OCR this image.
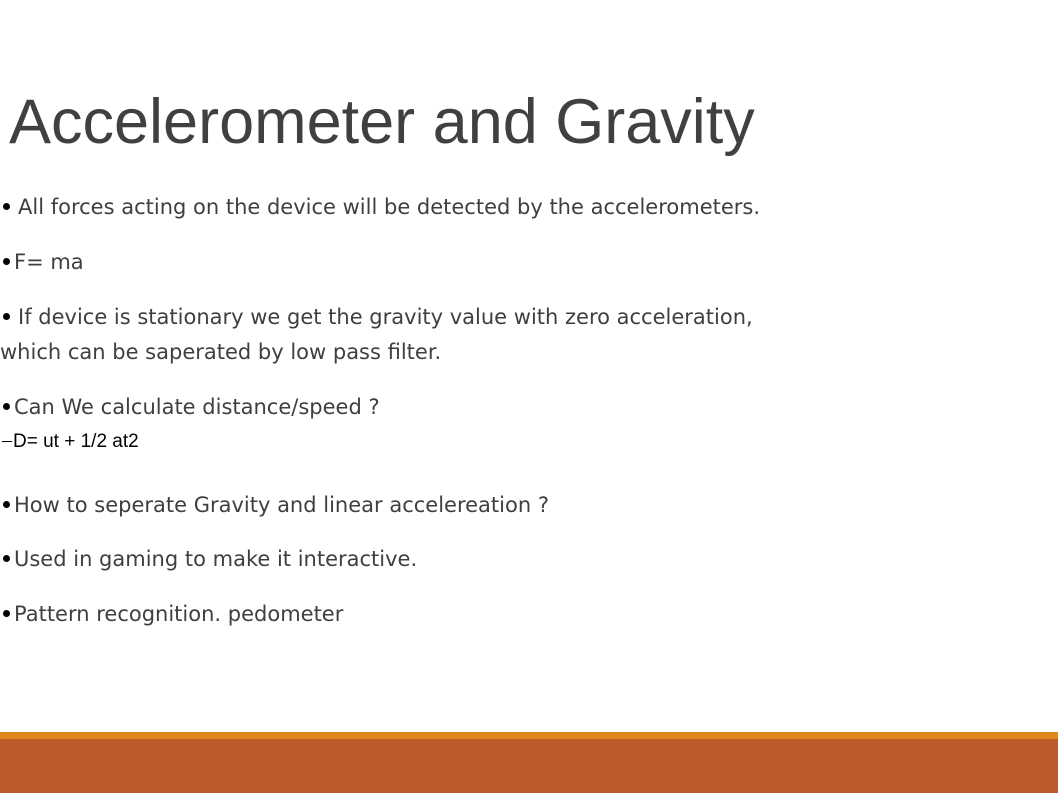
Accelerometer and Gravity
All forces acting on the device will be detected by the accelerometers.
F= ma
If device is stationary we get the gravity value with zero acceleration,
which can be saperated by low pass filter.
Can We calculate distance/speed ?
D= ut + 1/2 at2
How to seperate Gravity and linear accelereation ?
Used in gaming to make it interactive.
Pattern recognition. pedometer
